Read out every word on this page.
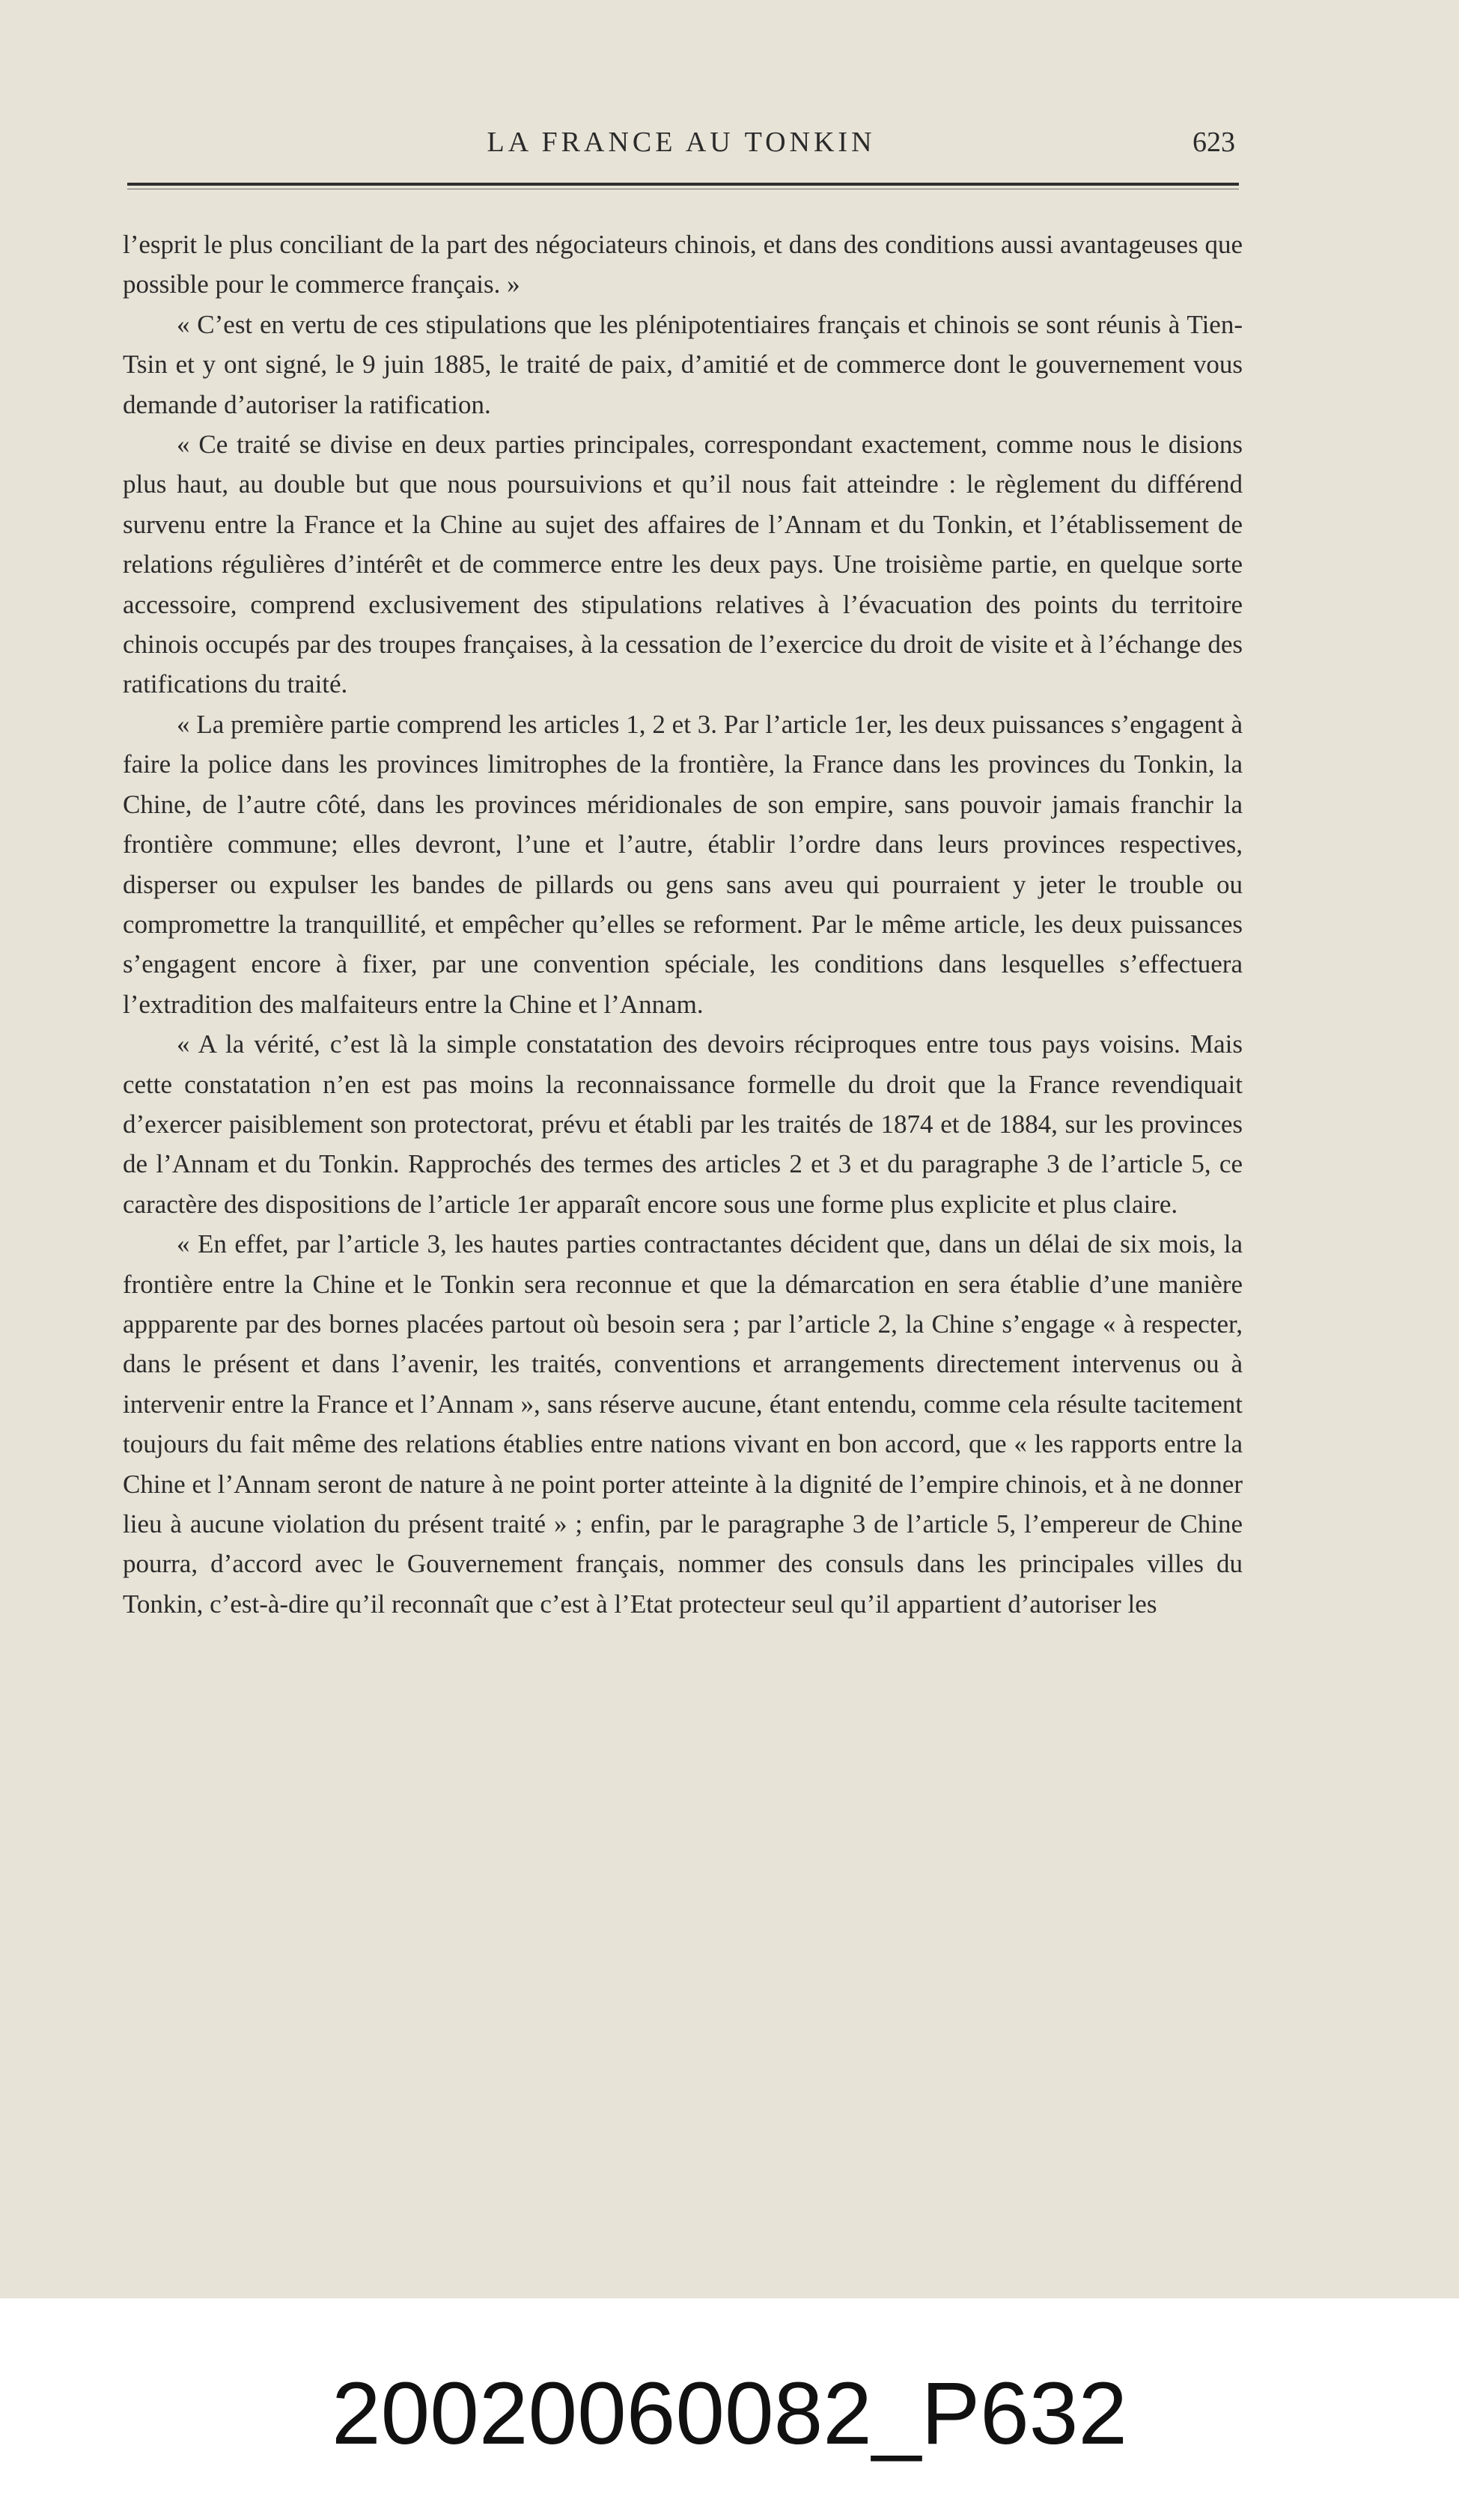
LA FRANCE AU TONKIN	623

l’esprit le plus conciliant de la part des négociateurs chinois, et dans des conditions aussi avantageuses que possible pour le commerce français. »

« C’est en vertu de ces stipulations que les plénipotentiaires français et chinois se sont réunis à Tien-Tsin et y ont signé, le 9 juin 1885, le traité de paix, d’amitié et de commerce dont le gouvernement vous demande d’autoriser la ratification.

« Ce traité se divise en deux parties principales, correspondant exactement, comme nous le disions plus haut, au double but que nous poursuivions et qu’il nous fait atteindre : le règlement du différend survenu entre la France et la Chine au sujet des affaires de l’Annam et du Tonkin, et l’établissement de relations régulières d’intérêt et de commerce entre les deux pays. Une troisième partie, en quelque sorte accessoire, comprend exclusivement des stipulations relatives à l’évacuation des points du territoire chinois occupés par des troupes françaises, à la cessation de l’exercice du droit de visite et à l’échange des ratifications du traité.

« La première partie comprend les articles 1, 2 et 3. Par l’article 1er, les deux puissances s’engagent à faire la police dans les provinces limitrophes de la frontière, la France dans les provinces du Tonkin, la Chine, de l’autre côté, dans les provinces méridionales de son empire, sans pouvoir jamais franchir la frontière commune; elles devront, l’une et l’autre, établir l’ordre dans leurs provinces respectives, disperser ou expulser les bandes de pillards ou gens sans aveu qui pourraient y jeter le trouble ou compromettre la tranquillité, et empêcher qu’elles se reforment. Par le même article, les deux puissances s’engagent encore à fixer, par une convention spéciale, les conditions dans lesquelles s’effectuera l’extradition des malfaiteurs entre la Chine et l’Annam.

« A la vérité, c’est là la simple constatation des devoirs réciproques entre tous pays voisins. Mais cette constatation n’en est pas moins la reconnaissance formelle du droit que la France revendiquait d’exercer paisiblement son protectorat, prévu et établi par les traités de 1874 et de 1884, sur les provinces de l’Annam et du Tonkin. Rapprochés des termes des articles 2 et 3 et du paragraphe 3 de l’article 5, ce caractère des dispositions de l’article 1er apparaît encore sous une forme plus explicite et plus claire.

« En effet, par l’article 3, les hautes parties contractantes décident que, dans un délai de six mois, la frontière entre la Chine et le Tonkin sera reconnue et que la démarcation en sera établie d’une manière appparente par des bornes placées partout où besoin sera ; par l’article 2, la Chine s’engage « à respecter, dans le présent et dans l’avenir, les traités, conventions et arrangements directement intervenus ou à intervenir entre la France et l’Annam », sans réserve aucune, étant entendu, comme cela résulte tacitement toujours du fait même des relations établies entre nations vivant en bon accord, que « les rapports entre la Chine et l’Annam seront de nature à ne point porter atteinte à la dignité de l’empire chinois, et à ne donner lieu à aucune violation du présent traité » ; enfin, par le paragraphe 3 de l’article 5, l’empereur de Chine pourra, d’accord avec le Gouvernement français, nommer des consuls dans les principales villes du Tonkin, c’est-à-dire qu’il reconnaît que c’est à l’Etat protecteur seul qu’il appartient d’autoriser les

20020060082_P632
